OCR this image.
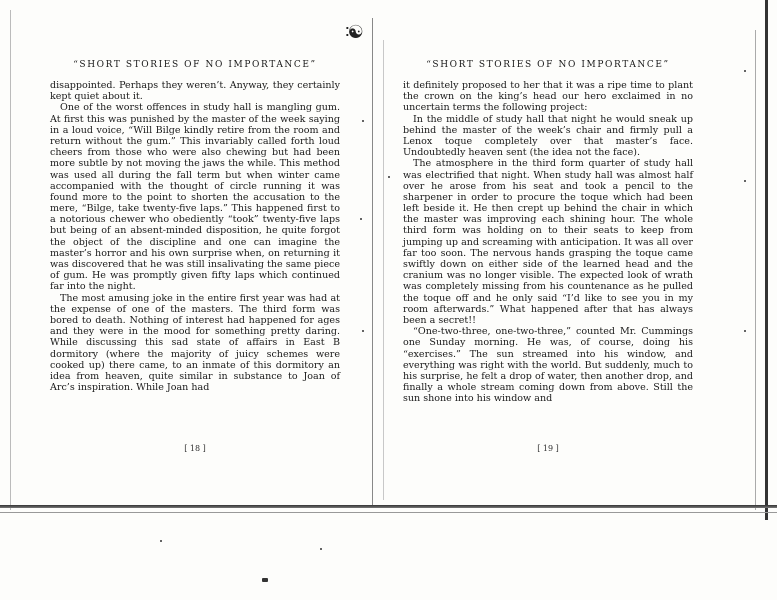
∶☯
“SHORT STORIES OF NO IMPORTANCE”

disappointed. Perhaps they weren’t. Anyway, they certainly kept quiet about it.

One of the worst offences in study hall is mangling gum. At first this was punished by the master of the week saying in a loud voice, “Will Bilge kindly retire from the room and return without the gum.” This invariably called forth loud cheers from those who were also chewing but had been more subtle by not moving the jaws the while. This method was used all during the fall term but when winter came accompanied with the thought of circle running it was found more to the point to shorten the accusation to the mere, “Bilge, take twenty-five laps.” This happened first to a notorious chewer who obediently “took” twenty-five laps but being of an absent-minded disposition, he quite forgot the object of the discipline and one can imagine the master’s horror and his own surprise when, on returning it was discovered that he was still insalivating the same piece of gum. He was promptly given fifty laps which continued far into the night.

The most amusing joke in the entire first year was had at the expense of one of the masters. The third form was bored to death. Nothing of interest had happened for ages and they were in the mood for something pretty daring. While discussing this sad state of affairs in East B dormitory (where the majority of juicy schemes were cooked up) there came, to an inmate of this dormitory an idea from heaven, quite similar in substance to Joan of Arc’s inspiration. While Joan had

[ 18 ]
“SHORT STORIES OF NO IMPORTANCE”

it definitely proposed to her that it was a ripe time to plant the crown on the king’s head our hero exclaimed in no uncertain terms the following project:

In the middle of study hall that night he would sneak up behind the master of the week’s chair and firmly pull a Lenox toque completely over that master’s face. Undoubtedly heaven sent (the idea not the face).

The atmosphere in the third form quarter of study hall was electrified that night. When study hall was almost half over he arose from his seat and took a pencil to the sharpener in order to procure the toque which had been left beside it. He then crept up behind the chair in which the master was improving each shining hour. The whole third form was holding on to their seats to keep from jumping up and screaming with anticipation. It was all over far too soon. The nervous hands grasping the toque came swiftly down on either side of the learned head and the cranium was no longer visible. The expected look of wrath was completely missing from his countenance as he pulled the toque off and he only said “I’d like to see you in my room afterwards.” What happened after that has always been a secret!!

“One-two-three, one-two-three,” counted Mr. Cummings one Sunday morning. He was, of course, doing his “exercises.” The sun streamed into his window, and everything was right with the world. But suddenly, much to his surprise, he felt a drop of water, then another drop, and finally a whole stream coming down from above. Still the sun shone into his window and

[ 19 ]
